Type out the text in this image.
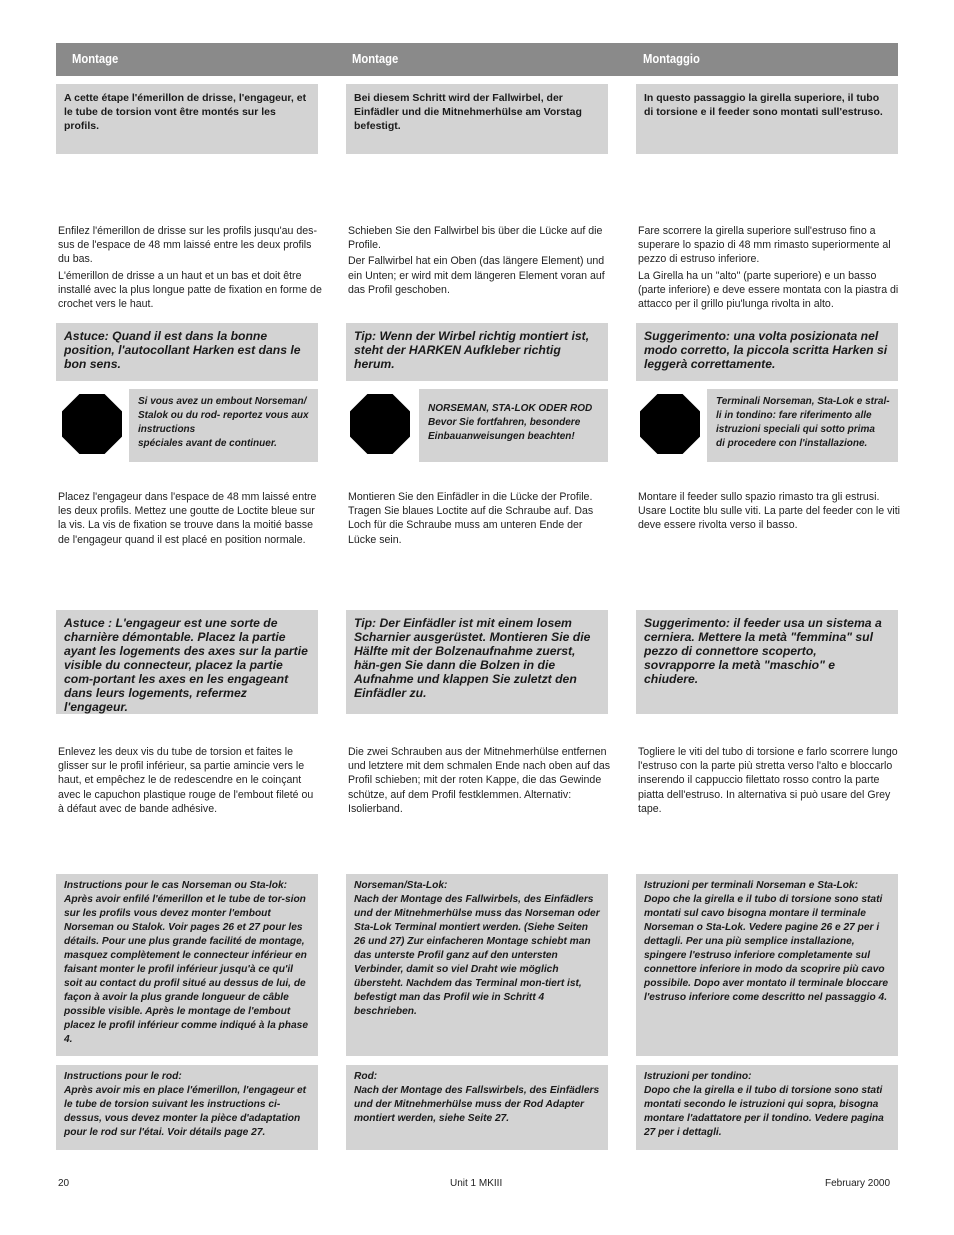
Montage	Montage	Montaggio
A cette étape l'émerillon de drisse, l'engageur, et le tube de torsion vont être montés sur les profils.
Bei diesem Schritt wird der Fallwirbel, der Einfädler und die Mitnehmerhülse am Vorstag befestigt.
In questo passaggio la girella superiore, il tubo di torsione e il feeder sono montati sull'estruso.

Enfilez l'émerillon de drisse sur les profils jusqu'au des-sus de l'espace de 48 mm laissé entre les deux profils du bas.

L'émerillon de drisse a un haut et un bas et doit être installé avec la plus longue patte de fixation en forme de crochet vers le haut.

Schieben Sie den Fallwirbel bis über die Lücke auf die Profile.

Der Fallwirbel hat ein Oben (das längere Element) und ein Unten; er wird mit dem längeren Element voran auf das Profil geschoben.

Fare scorrere la girella superiore sull'estruso fino a superare lo spazio di 48 mm rimasto superiormente al pezzo di estruso inferiore.

La Girella ha un "alto" (parte superiore) e un basso (parte inferiore) e deve essere montata con la piastra di attacco per il grillo piu'lunga rivolta in alto.

Astuce: Quand il est dans la bonne position, l'autocollant Harken est dans le bon sens.
Tip: Wenn der Wirbel richtig montiert ist, steht der HARKEN Aufkleber richtig herum.
Suggerimento: una volta posizionata nel modo corretto, la piccola scritta Harken si leggerà correttamente.
Si vous avez un embout Norseman/
Stalok ou du rod- reportez vous aux
instructions
spéciales avant de continuer.
NORSEMAN, STA-LOK ODER ROD
Bevor Sie fortfahren, besondere
Einbauanweisungen beachten!
Terminali Norseman, Sta-Lok e stral-
li in tondino: fare riferimento alle
istruzioni speciali qui sotto prima
di procedere con l'installazione.
Placez l'engageur dans l'espace de 48 mm laissé entre les deux profils. Mettez une goutte de Loctite bleue sur la vis. La vis de fixation se trouve dans la moitié basse de l'engageur quand il est placé en position normale.
Montieren Sie den Einfädler in die Lücke der Profile. Tragen Sie blaues Loctite auf die Schraube auf. Das Loch für die Schraube muss am unteren Ende der Lücke sein.
Montare il feeder sullo spazio rimasto tra gli estrusi. Usare Loctite blu sulle viti. La parte del feeder con le viti deve essere rivolta verso il basso.
Astuce : L'engageur est une sorte de charnière démontable. Placez la partie ayant les logements des axes sur la partie visible du connecteur, placez la partie com-portant les axes en les engageant dans leurs logements, refermez l'engageur.
Tip: Der Einfädler ist mit einem losem Scharnier ausgerüstet. Montieren Sie die Hälfte mit der Bolzenaufnahme zuerst, hän-gen Sie dann die Bolzen in die Aufnahme und klappen Sie zuletzt den Einfädler zu.
Suggerimento: il feeder usa un sistema a cerniera. Mettere la metà "femmina" sul pezzo di connettore scoperto, sovrapporre la metà "maschio" e chiudere.
Enlevez les deux vis du tube de torsion et faites le glisser sur le profil inférieur, sa partie amincie vers le haut, et empêchez le de redescendre en le coinçant avec le capuchon plastique rouge de l'embout fileté ou à défaut avec de bande adhésive.
Die zwei Schrauben aus der Mitnehmerhülse entfernen und letztere mit dem schmalen Ende nach oben auf das Profil schieben; mit der roten Kappe, die das Gewinde schütze, auf dem Profil festklemmen. Alternativ: Isolierband.
Togliere le viti del tubo di torsione e farlo scorrere lungo l'estruso con la parte più stretta verso l'alto e bloccarlo inserendo il cappuccio filettato rosso contro la parte piatta dell'estruso. In alternativa si può usare del Grey tape.
Instructions pour le cas Norseman ou Sta-lok:
Après avoir enfilé l'émerillon et le tube de tor-sion sur les profils vous devez monter l'embout Norseman ou Stalok. Voir pages 26 et 27 pour les détails. Pour une plus grande facilité de montage, masquez complètement le connecteur inférieur en faisant monter le profil inférieur jusqu'à ce qu'il soit au contact du profil situé au dessus de lui, de façon à avoir la plus grande longueur de câble possible visible. Après le montage de l'embout placez le profil inférieur comme indiqué à la phase 4.
Norseman/Sta-Lok:
Nach der Montage des Fallwirbels, des Einfädlers und der Mitnehmerhülse muss das Norseman oder Sta-Lok Terminal montiert werden. (Siehe Seiten 26 und 27) Zur einfacheren Montage schiebt man das unterste Profil ganz auf den untersten Verbinder, damit so viel Draht wie möglich übersteht. Nachdem das Terminal mon-tiert ist, befestigt man das Profil wie in Schritt 4 beschrieben.
Istruzioni per terminali Norseman e Sta-Lok:
Dopo che la girella e il tubo di torsione sono stati montati sul cavo bisogna montare il terminale Norseman o Sta-Lok. Vedere pagine 26 e 27 per i dettagli. Per una più semplice installazione, spingere l'estruso inferiore completamente sul connettore inferiore in modo da scoprire più cavo possibile. Dopo aver montato il terminale bloccare l'estruso inferiore come descritto nel passaggio 4.
Instructions pour le rod:
Après avoir mis en place l'émerillon, l'engageur et le tube de torsion suivant les instructions ci-dessus, vous devez monter la pièce d'adaptation pour le rod sur l'étai. Voir détails page 27.
Rod:
Nach der Montage des Fallswirbels, des Einfädlers und der Mitnehmerhülse muss der Rod Adapter montiert werden, siehe Seite 27.
Istruzioni per tondino:
Dopo che la girella e il tubo di torsione sono stati montati secondo le istruzioni qui sopra, bisogna montare l'adattatore per il tondino. Vedere pagina 27 per i dettagli.
20	Unit 1 MKIII	February 2000
